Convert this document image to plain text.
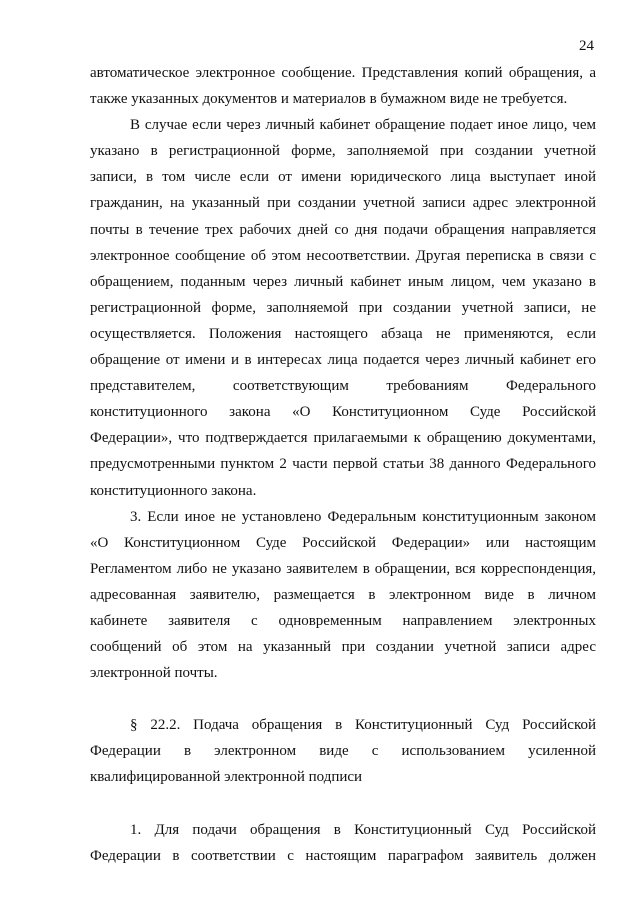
24
автоматическое электронное сообщение. Представления копий обращения, а
также указанных документов и материалов в бумажном виде не требуется.
В случае если через личный кабинет обращение подает иное лицо, чем
указано в регистрационной форме, заполняемой при создании учетной
записи, в том числе если от имени юридического лица выступает иной
гражданин, на указанный при создании учетной записи адрес электронной
почты в течение трех рабочих дней со дня подачи обращения направляется
электронное сообщение об этом несоответствии. Другая переписка в связи с
обращением, поданным через личный кабинет иным лицом, чем указано в
регистрационной форме, заполняемой при создании учетной записи, не
осуществляется. Положения настоящего абзаца не применяются, если
обращение от имени и в интересах лица подается через личный кабинет его
представителем, соответствующим требованиям Федерального
конституционного закона «О Конституционном Суде Российской
Федерации», что подтверждается прилагаемыми к обращению документами,
предусмотренными пунктом 2 части первой статьи 38 данного Федерального
конституционного закона.
3. Если иное не установлено Федеральным конституционным законом
«О Конституционном Суде Российской Федерации» или настоящим
Регламентом либо не указано заявителем в обращении, вся корреспонденция,
адресованная заявителю, размещается в электронном виде в личном
кабинете заявителя с одновременным направлением электронных
сообщений об этом на указанный при создании учетной записи адрес
электронной почты.
§ 22.2. Подача обращения в Конституционный Суд Российской
Федерации в электронном виде с использованием усиленной
квалифицированной электронной подписи
1. Для подачи обращения в Конституционный Суд Российской
Федерации в соответствии с настоящим параграфом заявитель должен
